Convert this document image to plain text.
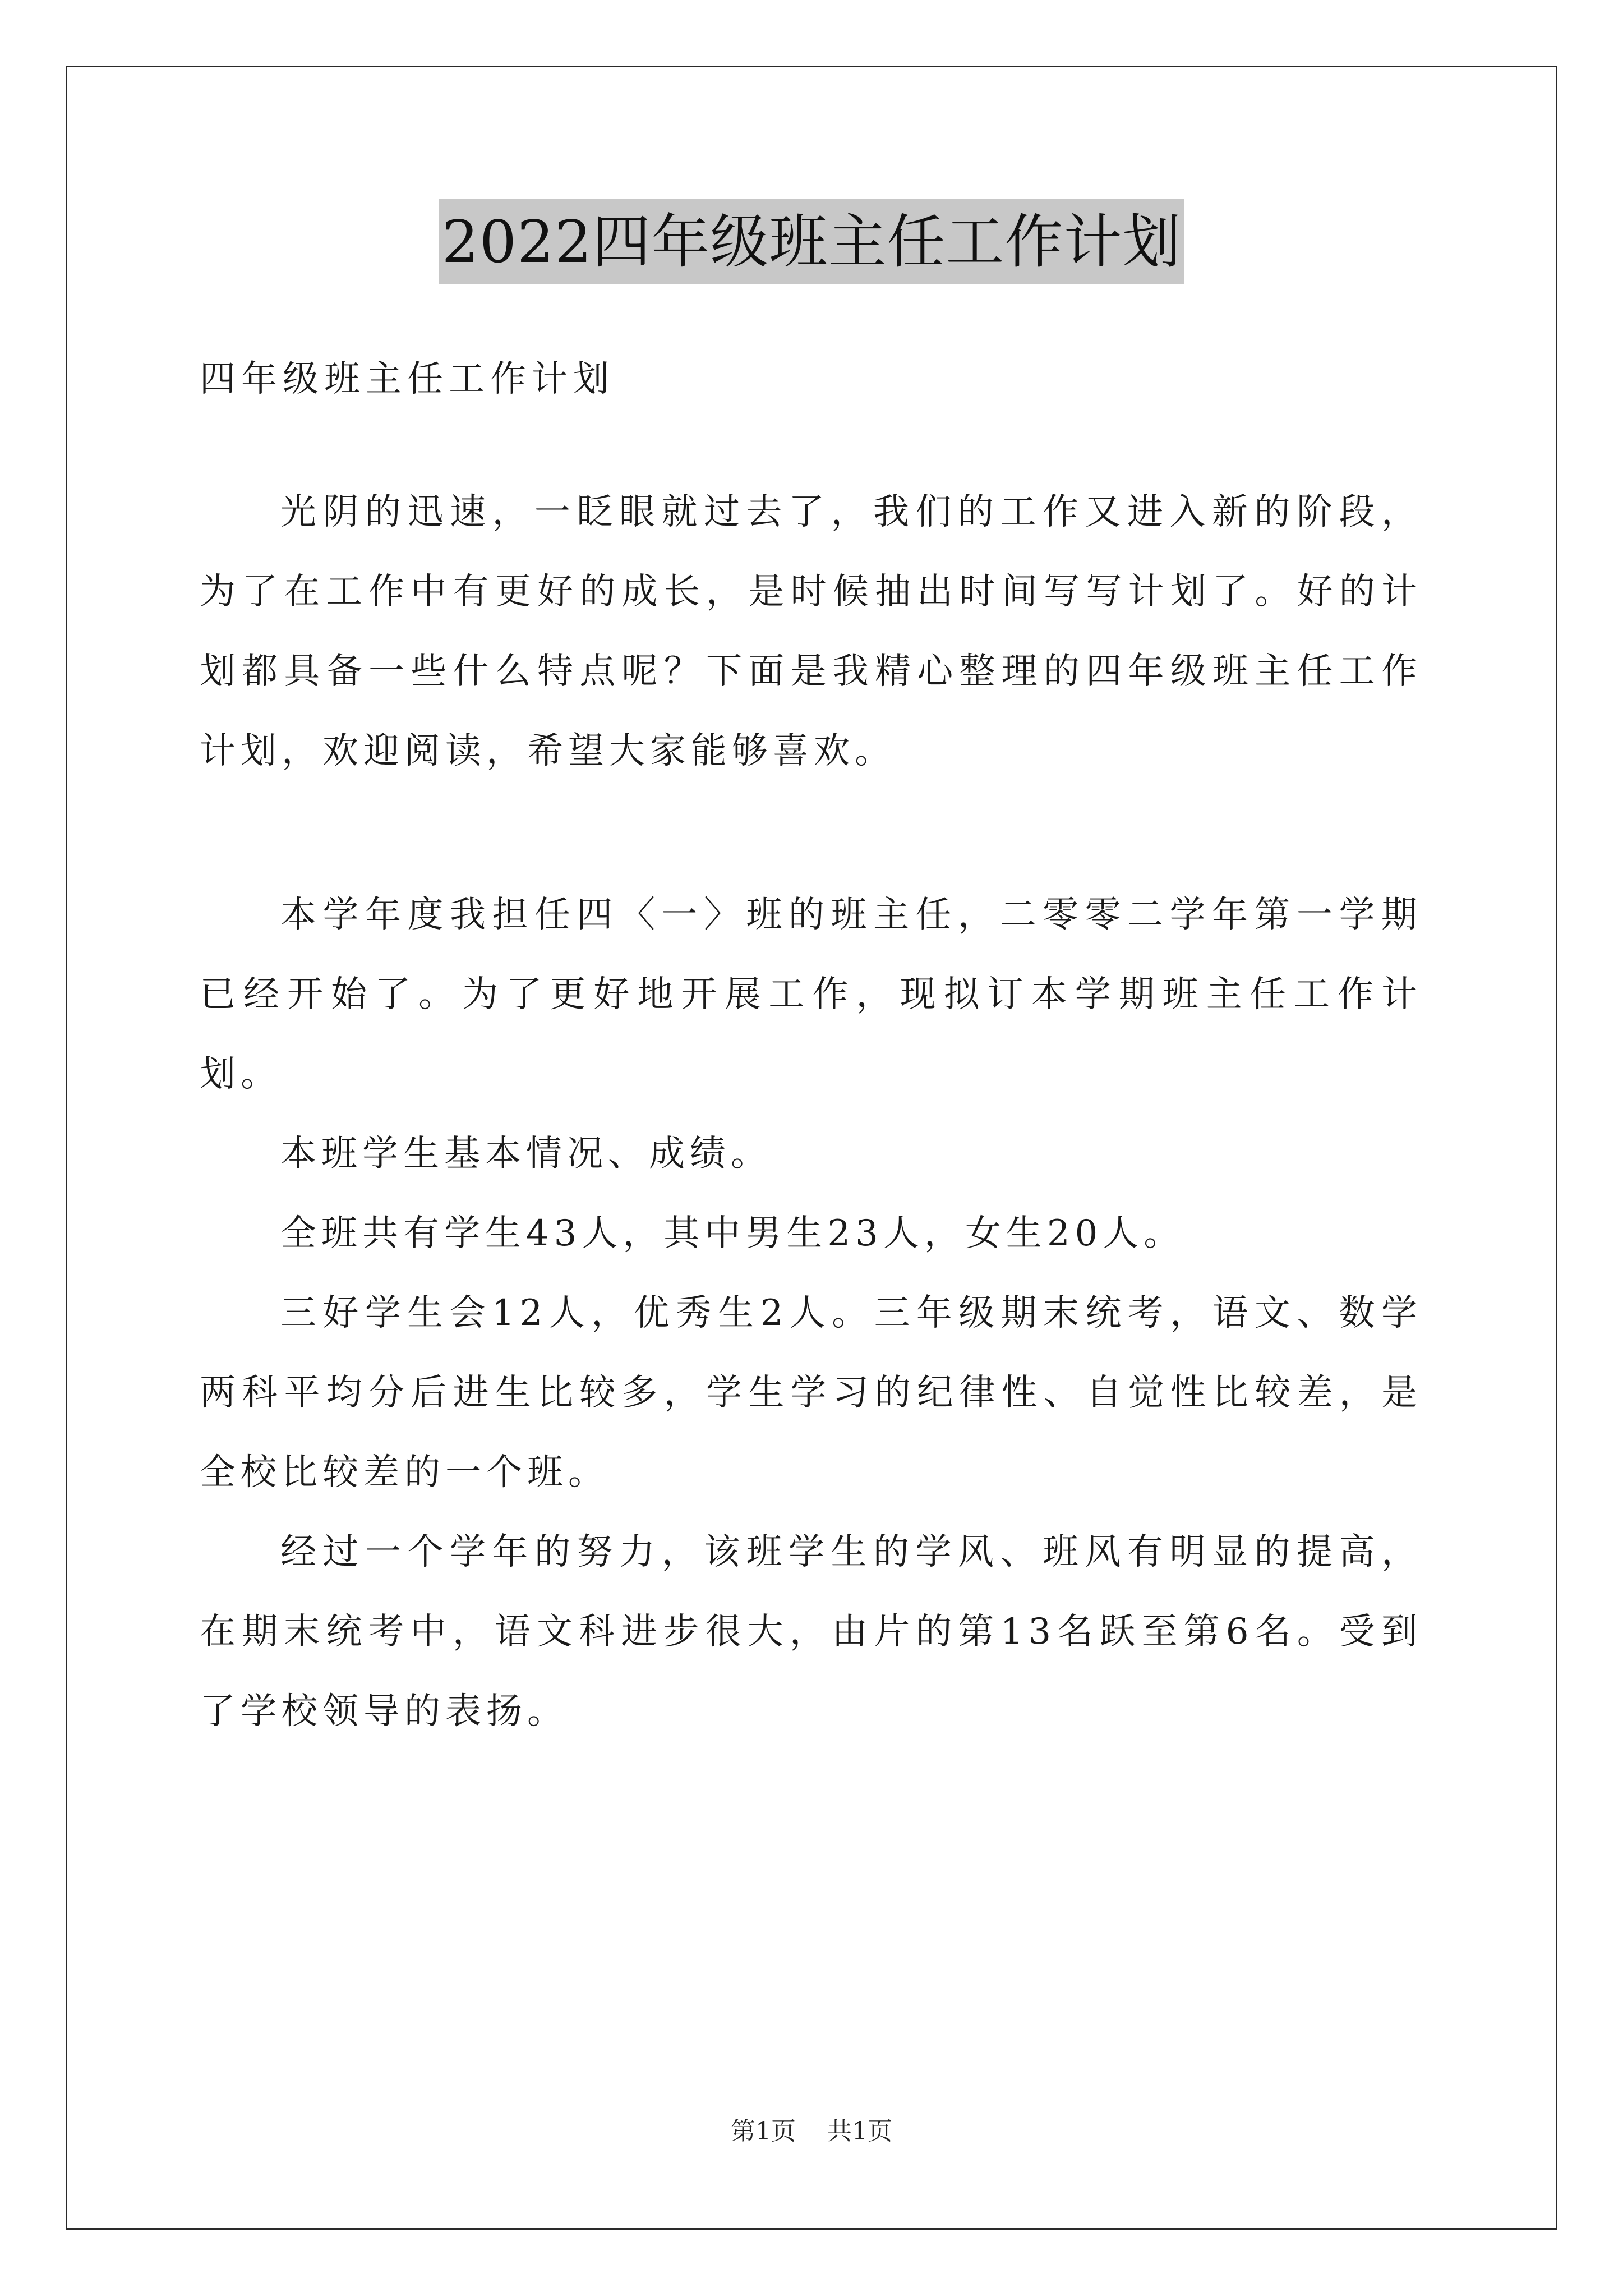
2022四年级班主任工作计划

四年级班主任工作计划

光阴的迅速，一眨眼就过去了，我们的工作又进入新的阶段，为了在工作中有更好的成长，是时候抽出时间写写计划了。好的计划都具备一些什么特点呢？下面是我精心整理的四年级班主任工作计划，欢迎阅读，希望大家能够喜欢。

本学年度我担任四〈一〉班的班主任，二零零二学年第一学期已经开始了。为了更好地开展工作，现拟订本学期班主任工作计划。

本班学生基本情况、成绩。

全班共有学生43人，其中男生23人，女生20人。

三好学生会12人，优秀生2人。三年级期末统考，语文、数学两科平均分后进生比较多，学生学习的纪律性、自觉性比较差，是全校比较差的一个班。

经过一个学年的努力，该班学生的学风、班风有明显的提高，在期末统考中，语文科进步很大，由片的第13名跃至第6名。受到了学校领导的表扬。

第1页 共1页
